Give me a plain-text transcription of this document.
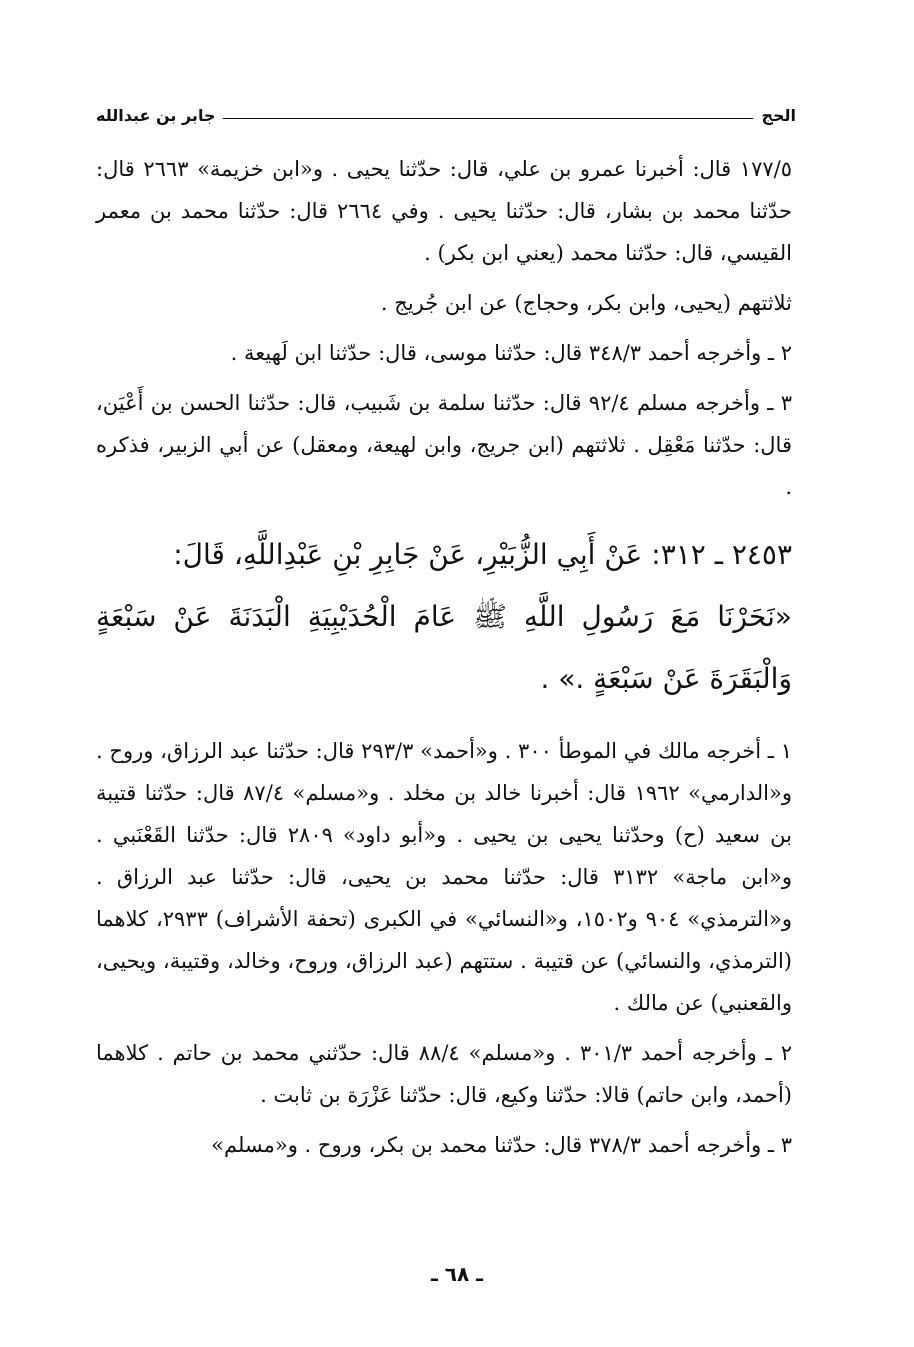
الحج
جابر بن عبدالله

١٧٧/٥ قال: أخبرنا عمرو بن علي، قال: حدّثنا يحيى . و«ابن خزيمة» ٢٦٦٣ قال: حدّثنا محمد بن بشار، قال: حدّثنا يحيى . وفي ٢٦٦٤ قال: حدّثنا محمد بن معمر القيسي، قال: حدّثنا محمد (يعني ابن بكر) .

ثلاثتهم (يحيى، وابن بكر، وحجاج) عن ابن جُريج .

٢ ـ وأخرجه أحمد ٣٤٨/٣ قال: حدّثنا موسى، قال: حدّثنا ابن لَهيعة .

٣ ـ وأخرجه مسلم ٩٢/٤ قال: حدّثنا سلمة بن شَبيب، قال: حدّثنا الحسن بن أَعْيَن، قال: حدّثنا مَعْقِل . ثلاثتهم (ابن جريج، وابن لهيعة، ومعقل) عن أبي الزبير، فذكره .

٢٤٥٣ ـ ٣١٢: عَنْ أَبِي الزُّبَيْرِ، عَنْ جَابِرِ بْنِ عَبْدِاللَّهِ، قَالَ:

«نَحَرْنَا مَعَ رَسُولِ اللَّهِ ﷺ عَامَ الْحُدَيْبِيَةِ الْبَدَنَةَ عَنْ سَبْعَةٍ وَالْبَقَرَةَ عَنْ سَبْعَةٍ .» .

١ ـ أخرجه مالك في الموطأ ٣٠٠ . و«أحمد» ٢٩٣/٣ قال: حدّثنا عبد الرزاق، وروح . و«الدارمي» ١٩٦٢ قال: أخبرنا خالد بن مخلد . و«مسلم» ٨٧/٤ قال: حدّثنا قتيبة بن سعيد (ح) وحدّثنا يحيى بن يحيى . و«أبو داود» ٢٨٠٩ قال: حدّثنا القَعْنَبي . و«ابن ماجة» ٣١٣٢ قال: حدّثنا محمد بن يحيى، قال: حدّثنا عبد الرزاق . و«الترمذي» ٩٠٤ و١٥٠٢، و«النسائي» في الكبرى (تحفة الأشراف) ٢٩٣٣، كلاهما (الترمذي، والنسائي) عن قتيبة . ستتهم (عبد الرزاق، وروح، وخالد، وقتيبة، ويحيى، والقعنبي) عن مالك .

٢ ـ وأخرجه أحمد ٣٠١/٣ . و«مسلم» ٨٨/٤ قال: حدّثني محمد بن حاتم . كلاهما (أحمد، وابن حاتم) قالا: حدّثنا وكيع، قال: حدّثنا عَزْرَة بن ثابت .

٣ ـ وأخرجه أحمد ٣٧٨/٣ قال: حدّثنا محمد بن بكر، وروح . و«مسلم»

ـ ٦٨ ـ
